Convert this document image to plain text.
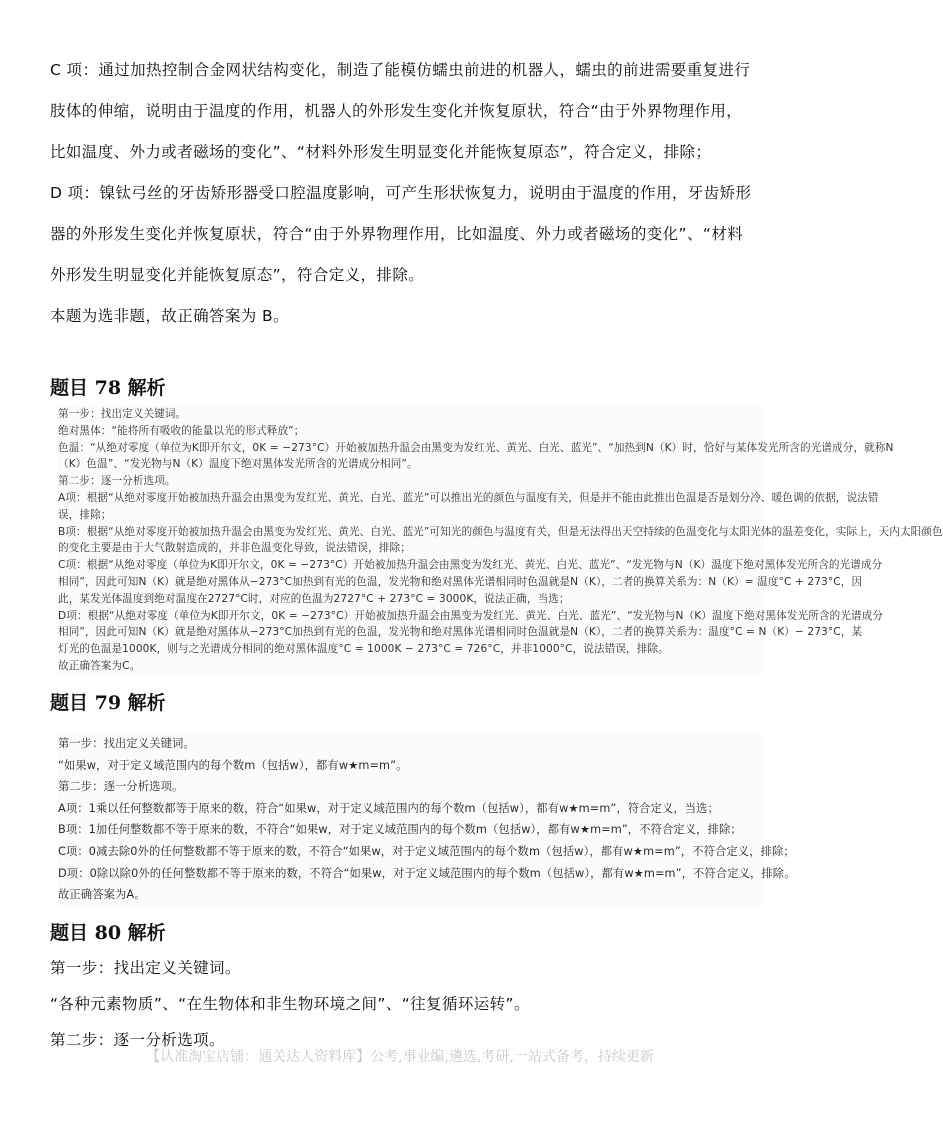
C 项：通过加热控制合金网状结构变化，制造了能模仿蠕虫前进的机器人，蠕虫的前进需要重复进行
肢体的伸缩，说明由于温度的作用，机器人的外形发生变化并恢复原状，符合“由于外界物理作用，
比如温度、外力或者磁场的变化”、“材料外形发生明显变化并能恢复原态”，符合定义，排除；
D 项：镍钛弓丝的牙齿矫形器受口腔温度影响，可产生形状恢复力，说明由于温度的作用，牙齿矫形
器的外形发生变化并恢复原状，符合“由于外界物理作用，比如温度、外力或者磁场的变化”、“材料
外形发生明显变化并能恢复原态”，符合定义，排除。
本题为选非题，故正确答案为 B。
题目 78 解析

第一步：找出定义关键词。

绝对黑体：“能将所有吸收的能量以光的形式释放”；

色温：“从绝对零度（单位为K即开尔文，0K = −273°C）开始被加热升温会由黑变为发红光、黄光、白光、蓝光”、“加热到N（K）时，恰好与某体发光所含的光谱成分，就称N

（K）色温”、“发光物与N（K）温度下绝对黑体发光所含的光谱成分相同”。

第二步：逐一分析选项。

A项：根据“从绝对零度开始被加热升温会由黑变为发红光、黄光、白光、蓝光”可以推出光的颜色与温度有关，但是并不能由此推出色温是否是划分冷、暖色调的依据，说法错

误，排除；

B项：根据“从绝对零度开始被加热升温会由黑变为发红光、黄光、白光、蓝光”可知光的颜色与温度有关，但是无法得出天空持续的色温变化与太阳光体的温差变化，实际上，天内太阳颜色

的变化主要是由于大气散射造成的，并非色温变化导致，说法错误，排除；

C项：根据“从绝对零度（单位为K即开尔文，0K = −273°C）开始被加热升温会由黑变为发红光、黄光、白光、蓝光”、“发光物与N（K）温度下绝对黑体发光所含的光谱成分

相同”，因此可知N（K）就是绝对黑体从−273°C加热到有光的色温，发光物和绝对黑体光谱相同时色温就是N（K），二者的换算关系为：N（K）= 温度°C + 273°C，因

此，某发光体温度到绝对温度在2727°C时，对应的色温为2727°C + 273°C = 3000K，说法正确，当选；

D项：根据“从绝对零度（单位为K即开尔文，0K = −273°C）开始被加热升温会由黑变为发红光、黄光、白光、蓝光”、“发光物与N（K）温度下绝对黑体发光所含的光谱成分

相同”，因此可知N（K）就是绝对黑体从−273°C加热到有光的色温，发光物和绝对黑体光谱相同时色温就是N（K），二者的换算关系为：温度°C = N（K）− 273°C，某

灯光的色温是1000K，则与之光谱成分相同的绝对黑体温度°C = 1000K − 273°C = 726°C，并非1000°C，说法错误，排除。

故正确答案为C。

题目 79 解析

第一步：找出定义关键词。

“如果w，对于定义域范围内的每个数m（包括w），都有w★m=m”。

第二步：逐一分析选项。

A项：1乘以任何整数都等于原来的数，符合“如果w，对于定义域范围内的每个数m（包括w），都有w★m=m”，符合定义，当选；

B项：1加任何整数都不等于原来的数，不符合“如果w，对于定义域范围内的每个数m（包括w），都有w★m=m”，不符合定义，排除；

C项：0减去除0外的任何整数都不等于原来的数，不符合“如果w，对于定义域范围内的每个数m（包括w），都有w★m=m”，不符合定义，排除；

D项：0除以除0外的任何整数都不等于原来的数，不符合“如果w，对于定义域范围内的每个数m（包括w），都有w★m=m”，不符合定义，排除。

故正确答案为A。

题目 80 解析
第一步：找出定义关键词。
“各种元素物质”、“在生物体和非生物环境之间”、“往复循环运转”。
第二步：逐一分析选项。
【认准淘宝店铺：通关达人资料库】公考,事业编,遴选,考研,一站式备考，持续更新
